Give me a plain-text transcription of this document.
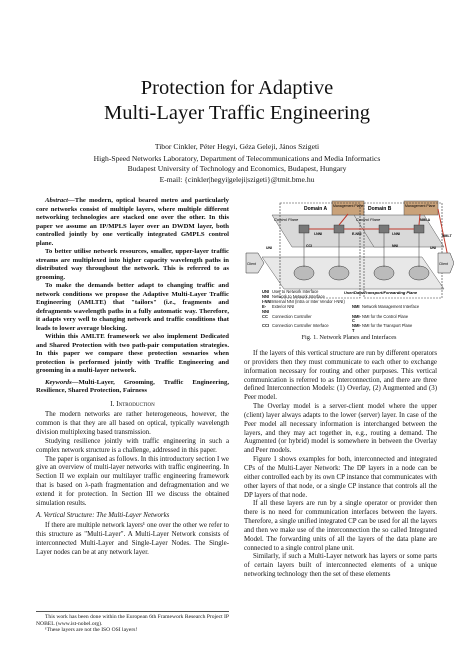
Protection for Adaptive
Multi-Layer Traffic Engineering
Tibor Cinkler, Péter Hegyi, Géza Geleji, János Szigeti
High-Speed Networks Laboratory, Department of Telecommunications and Media Informatics
Budapest University of Technology and Economics, Budapest, Hungary
E-mail: {cinkler|hegyi|geleji|szigeti}@tmit.bme.hu

Abstract—The modern, optical beared metro and particularly core networks consist of multiple layers, where multiple different networking technologies are stacked one over the other. In this paper we assume an IP/MPLS layer over an DWDM layer, both controlled jointly by one vertically integrated GMPLS control plane.

To better utilise network resources, smaller, upper-layer traffic streams are multiplexed into higher capacity wavelength paths in distributed way throughout the network. This is referred to as grooming.

To make the demands better adapt to changing traffic and network conditions we propose the Adaptive Multi-Layer Traffic Engineering (AMLTE) that "tailors" (i.e., fragments and defragments wavelength paths in a fully automatic way. Therefore, it adapts very well to changing network and traffic conditions that leads to lower average blocking.

Within this AMLTE framework we also implement Dedicated and Shared Protection with two path-pair computation strategies. In this paper we compare these protection sesnarios when protection is performed jointly with Traffic Engineering and grooming in a multi-layer network.

Keywords—Multi-Layer, Grooming, Traffic Engineering, Resilience, Shared Protection, Fairness

I. Introduction

The modern networks are rather heterogeneous, however, the common is that they are all based on optical, typically wavelength division multiplexing based transmission.

Studying resilience jointly with traffic engineering in such a complex network structure is a challenge, addressed in this paper.

The paper is organised as follows. In this introductory section I we give an overview of multi-layer networks with traffic engineering. In Section II we explain our multilayer traffic engineering framework that is based on λ-path fragmentation and defragmentation and we extend it for protection. In Section III we discuss the obtained simulation results.

A. Vertical Structure: The Multi-Layer Networks

If there are multiple network layers¹ one over the other we refer to this structure as "Multi-Layer". A Multi-Layer Network consists of interconnected Multi-Layer and Single-Layer Nodes. The Single-Layer nodes can be at any network layer.

This work has been done within the European 6th Framework Research Project IP NOBEL (www.ist-nobel.org).

¹These layers are not the ISO OSI layers!

Domain A	Domain B
Management Plane	Management Plane
Control Plane	Control Plane
User/Data/Transport/Forwarding Plane
Client	Client
UNI	UNI
E-NNI
I-NNI
NMI-A
NMI-T
CCI	NNI
I-NNI
UNI User to Network Interface
NNI Network to Network Interface
I-NNI Internal NNI (Intra or Inter Vendor I-NNI)
E-NNI
Exterior NNI	NMI Network Management Interface
CC Connection Controller	NMI-C
NMI for the Control Plane
CCI Connection Controller Interface	NMI-T
NMI for the Transport Plane
Fig. 1. Network Planes and Interfaces

If the layers of this vertical structure are run by different operators or providers then they must communicate to each other to exchange information necessary for routing and other purposes. This vertical communication is referred to as Interconnection, and there are three defined Interconnection Models: (1) Overlay, (2) Augmented and (3) Peer model.

The Overlay model is a server-client model where the upper (client) layer always adapts to the lower (server) layer. In case of the Peer model all necessary information is interchanged between the layers, and they may act together in, e.g., routing a demand. The Augmented (or hybrid) model is somewhere in between the Overlay and Peer models.

Figure 1 shows examples for both, interconnected and integrated CPs of the Multi-Layer Network: The DP layers in a node can be either controlled each by its own CP instance that communicates with other layers of that node, or a single CP instance that controls all the DP layers of that node.

If all these layers are run by a single operator or provider then there is no need for communication interfaces between the layers. Therefore, a single unified integrated CP can be used for all the layers and then we make use of the interconnection the so called Integrated Model. The forwarding units of all the layers of the data plane are connected to a single control plane unit.

Similarly, if such a Multi-Layer network has layers or some parts of certain layers built of interconnected elements of a unique networking technology then the set of these elements
